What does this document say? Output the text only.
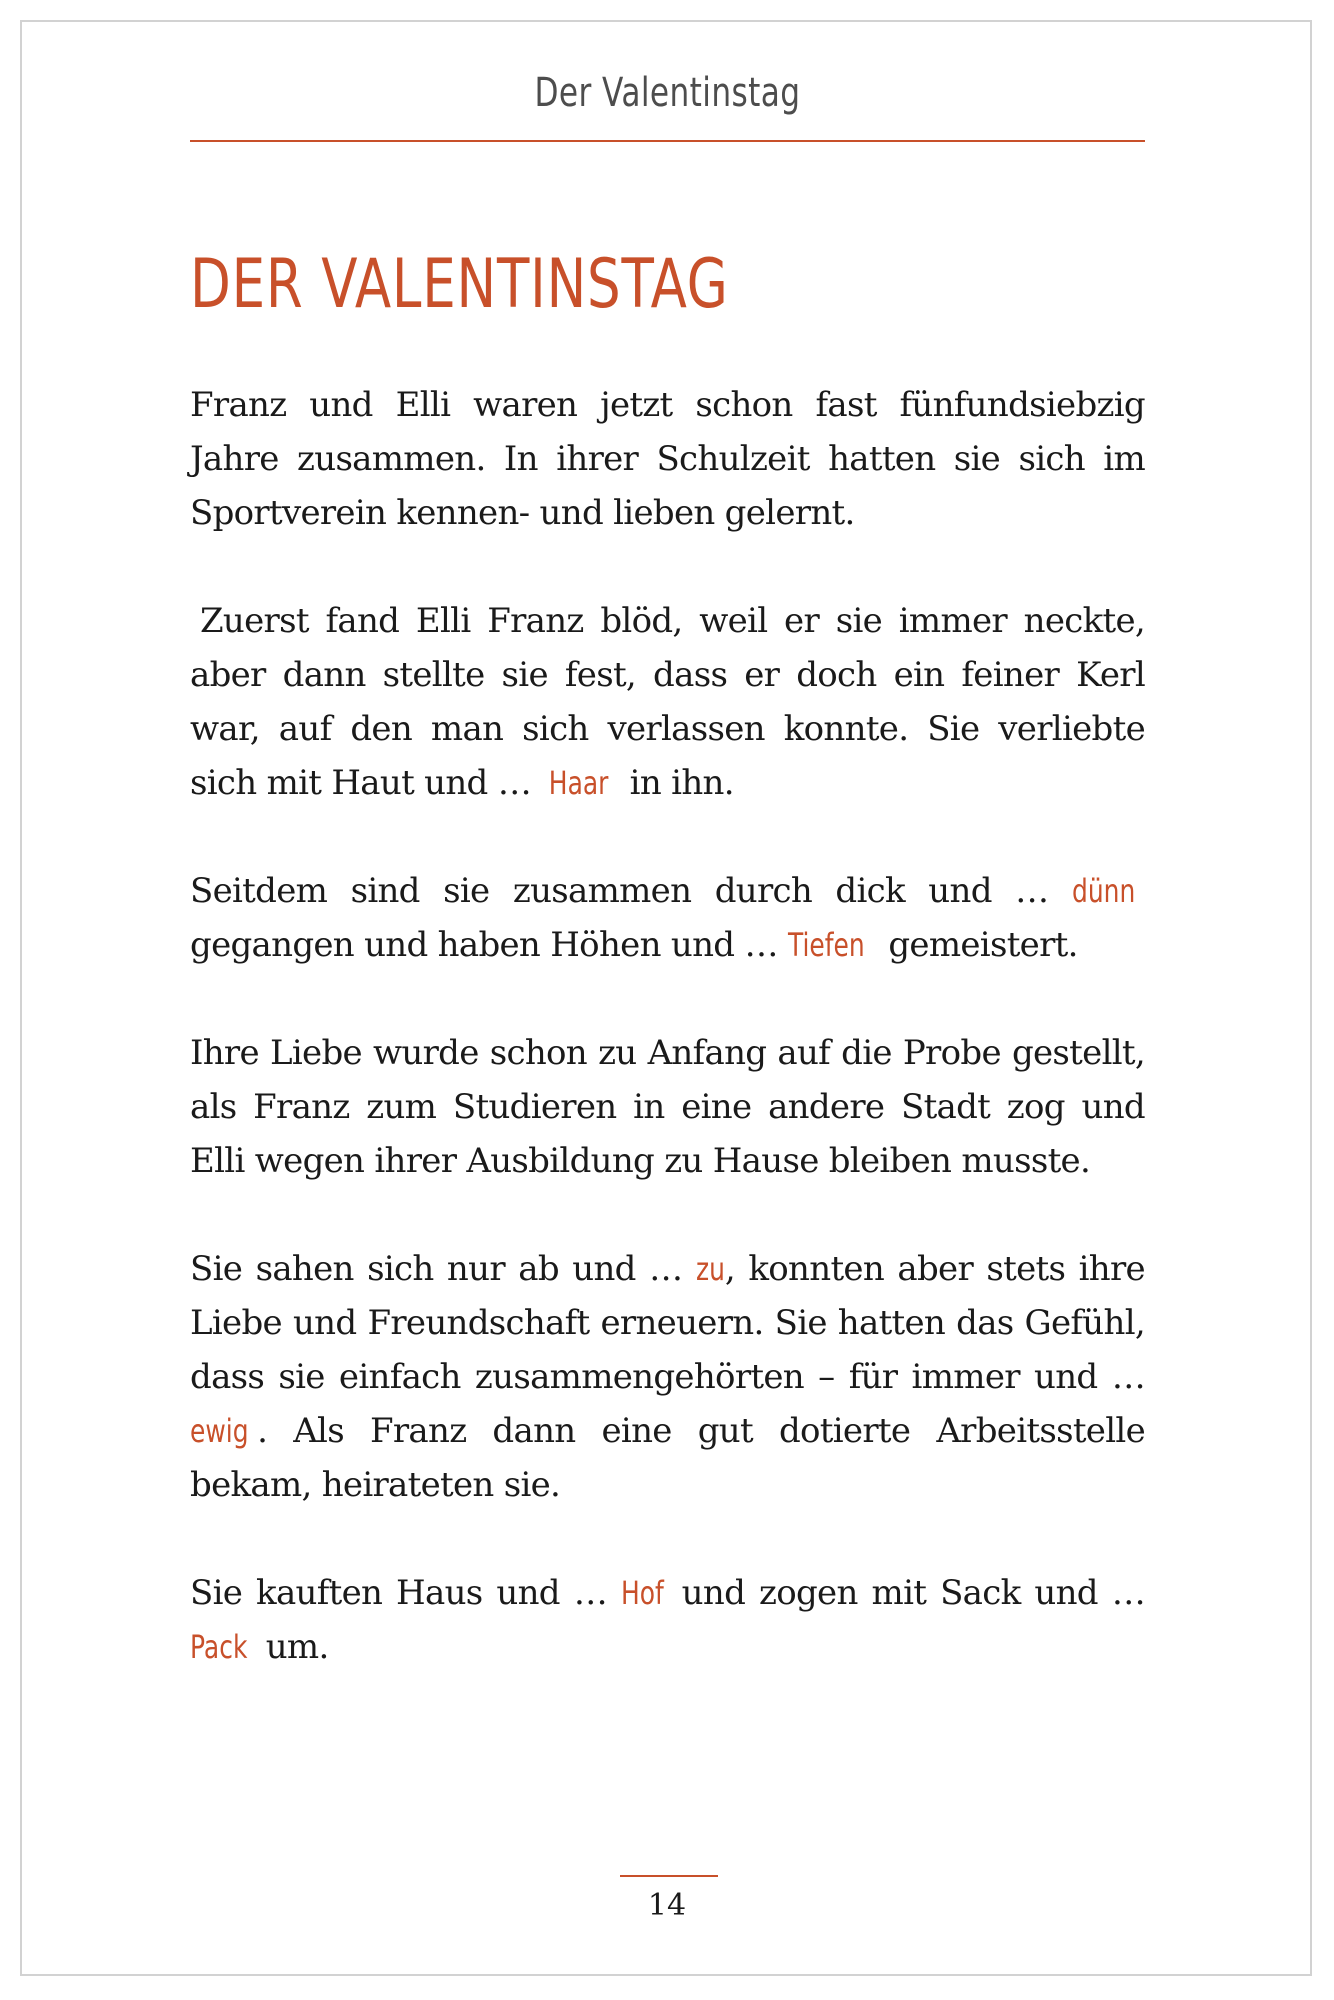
Der Valentinstag
DER VALENTINSTAG

Franz und Elli waren jetzt schon fast fünfundsiebzig Jahre zusammen. In ihrer Schulzeit hatten sie sich im Sportverein kennen- und lieben gelernt.

Zuerst fand Elli Franz blöd, weil er sie immer neckte, aber dann stellte sie fest, dass er doch ein feiner Kerl war, auf den man sich verlassen konnte. Sie verliebte sich mit Haut und … Haar in ihn.

Seitdem sind sie zusammen durch dick und … dünn gegangen und haben Höhen und … Tiefen gemeistert.

Ihre Liebe wurde schon zu Anfang auf die Probe gestellt, als Franz zum Studieren in eine andere Stadt zog und Elli wegen ihrer Ausbildung zu Hause bleiben musste.

Sie sahen sich nur ab und … zu, konnten aber stets ihre Liebe und Freundschaft erneuern. Sie hatten das Gefühl, dass sie einfach zusammengehörten – für immer und … ewig . Als Franz dann eine gut dotierte Arbeitsstelle bekam, heirateten sie.

Sie kauften Haus und … Hof und zogen mit Sack und … Pack um.

14
